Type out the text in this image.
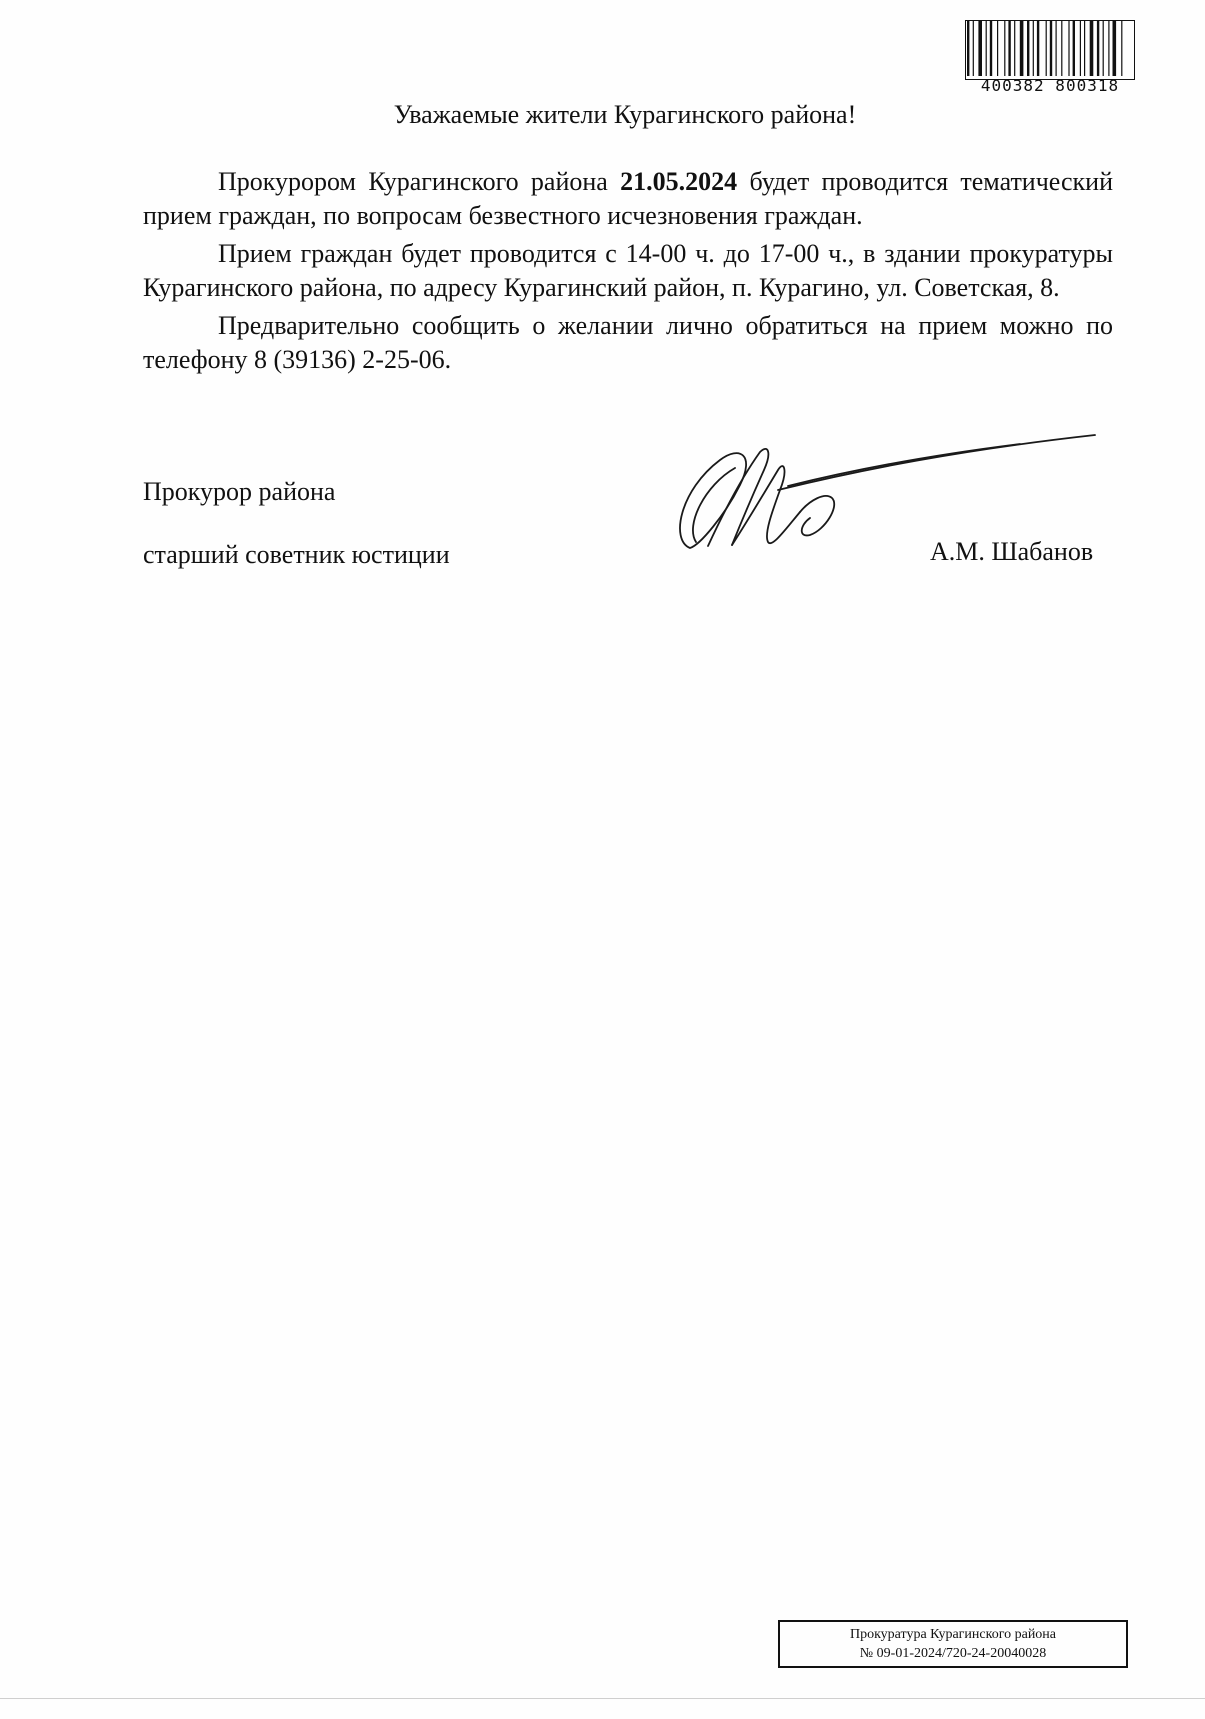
400382 800318
Уважаемые жители Курагинского района!

Прокурором Курагинского района 21.05.2024 будет проводится тематический прием граждан, по вопросам безвестного исчезновения граждан.

Прием граждан будет проводится с 14-00 ч. до 17-00 ч., в здании прокуратуры Курагинского района, по адресу Курагинский район, п. Курагино, ул. Советская, 8.

Предварительно сообщить о желании лично обратиться на прием можно по телефону 8 (39136) 2-25-06.

Прокурор района
старший советник юстиции	А.М. Шабанов
Прокуратура Курагинского района
№ 09-01-2024/720-24-20040028
